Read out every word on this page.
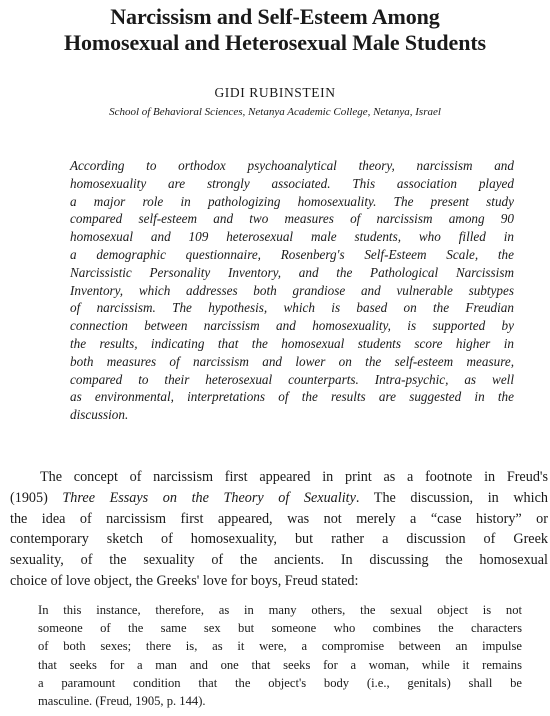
Narcissism and Self-Esteem Among
Homosexual and Heterosexual Male Students
GIDI RUBINSTEIN
School of Behavioral Sciences, Netanya Academic College, Netanya, Israel
According to orthodox psychoanalytical theory, narcissism and
homosexuality are strongly associated. This association played
a major role in pathologizing homosexuality. The present study
compared self-esteem and two measures of narcissism among 90
homosexual and 109 heterosexual male students, who filled in
a demographic questionnaire, Rosenberg's Self-Esteem Scale, the
Narcissistic Personality Inventory, and the Pathological Narcissism
Inventory, which addresses both grandiose and vulnerable subtypes
of narcissism. The hypothesis, which is based on the Freudian
connection between narcissism and homosexuality, is supported by
the results, indicating that the homosexual students score higher in
both measures of narcissism and lower on the self-esteem measure,
compared to their heterosexual counterparts. Intra-psychic, as well
as environmental, interpretations of the results are suggested in the
discussion.
The concept of narcissism first appeared in print as a footnote in Freud's
(1905) Three Essays on the Theory of Sexuality. The discussion, in which
the idea of narcissism first appeared, was not merely a “case history” or
contemporary sketch of homosexuality, but rather a discussion of Greek
sexuality, of the sexuality of the ancients. In discussing the homosexual
choice of love object, the Greeks' love for boys, Freud stated:
In this instance, therefore, as in many others, the sexual object is not
someone of the same sex but someone who combines the characters
of both sexes; there is, as it were, a compromise between an impulse
that seeks for a man and one that seeks for a woman, while it remains
a paramount condition that the object's body (i.e., genitals) shall be
masculine. (Freud, 1905, p. 144).
